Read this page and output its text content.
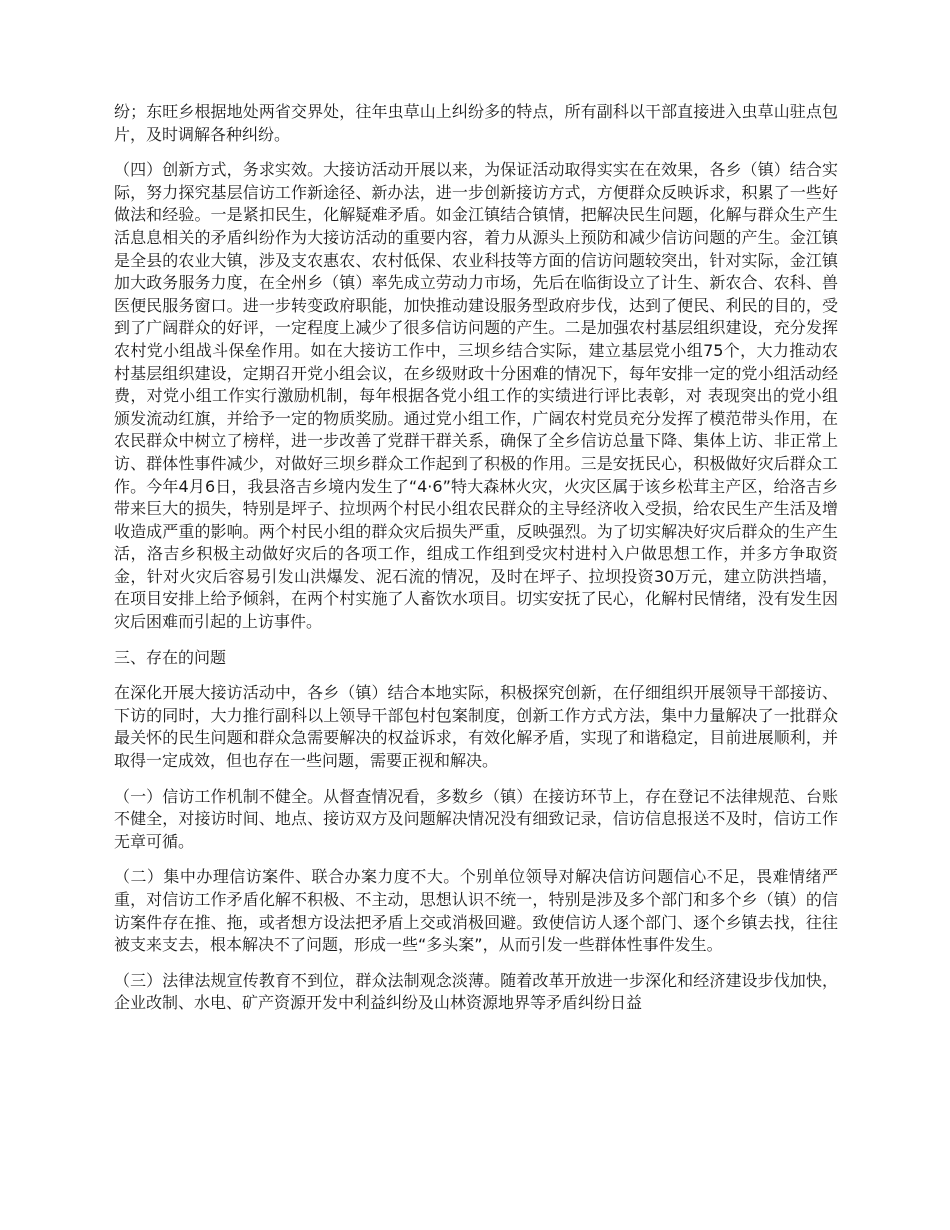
纷；东旺乡根据地处两省交界处，往年虫草山上纠纷多的特点，所有副科以干部直接进入虫草山驻点包片，及时调解各种纠纷。

（四）创新方式，务求实效。大接访活动开展以来，为保证活动取得实实在在效果，各乡（镇）结合实际，努力探究基层信访工作新途径、新办法，进一步创新接访方式，方便群众反映诉求，积累了一些好做法和经验。一是紧扣民生，化解疑难矛盾。如金江镇结合镇情，把解决民生问题，化解与群众生产生活息息相关的矛盾纠纷作为大接访活动的重要内容，着力从源头上预防和减少信访问题的产生。金江镇是全县的农业大镇，涉及支农惠农、农村低保、农业科技等方面的信访问题较突出，针对实际，金江镇加大政务服务力度，在全州乡（镇）率先成立劳动力市场，先后在临街设立了计生、新农合、农科、兽医便民服务窗口。进一步转变政府职能，加快推动建设服务型政府步伐，达到了便民、利民的目的，受到了广阔群众的好评，一定程度上减少了很多信访问题的产生。二是加强农村基层组织建设，充分发挥农村党小组战斗保垒作用。如在大接访工作中，三坝乡结合实际，建立基层党小组75个，大力推动农村基层组织建设，定期召开党小组会议，在乡级财政十分困难的情况下，每年安排一定的党小组活动经费，对党小组工作实行激励机制，每年根据各党小组工作的实绩进行评比表彰，对 表现突出的党小组颁发流动红旗，并给予一定的物质奖励。通过党小组工作，广阔农村党员充分发挥了模范带头作用，在农民群众中树立了榜样，进一步改善了党群干群关系，确保了全乡信访总量下降、集体上访、非正常上访、群体性事件减少，对做好三坝乡群众工作起到了积极的作用。三是安抚民心，积极做好灾后群众工作。今年4月6日，我县洛吉乡境内发生了“4·6”特大森林火灾，火灾区属于该乡松茸主产区，给洛吉乡带来巨大的损失，特别是坪子、拉坝两个村民小组农民群众的主导经济收入受损，给农民生产生活及增收造成严重的影响。两个村民小组的群众灾后损失严重，反映强烈。为了切实解决好灾后群众的生产生活，洛吉乡积极主动做好灾后的各项工作，组成工作组到受灾村进村入户做思想工作，并多方争取资金，针对火灾后容易引发山洪爆发、泥石流的情况，及时在坪子、拉坝投资30万元，建立防洪挡墙，在项目安排上给予倾斜，在两个村实施了人畜饮水项目。切实安抚了民心，化解村民情绪，没有发生因灾后困难而引起的上访事件。

三、存在的问题

在深化开展大接访活动中，各乡（镇）结合本地实际，积极探究创新，在仔细组织开展领导干部接访、下访的同时，大力推行副科以上领导干部包村包案制度，创新工作方式方法，集中力量解决了一批群众最关怀的民生问题和群众急需要解决的权益诉求，有效化解矛盾，实现了和谐稳定，目前进展顺利，并取得一定成效，但也存在一些问题，需要正视和解决。

（一）信访工作机制不健全。从督查情况看，多数乡（镇）在接访环节上，存在登记不法律规范、台账不健全，对接访时间、地点、接访双方及问题解决情况没有细致记录，信访信息报送不及时，信访工作无章可循。

（二）集中办理信访案件、联合办案力度不大。个别单位领导对解决信访问题信心不足，畏难情绪严重，对信访工作矛盾化解不积极、不主动，思想认识不统一，特别是涉及多个部门和多个乡（镇）的信访案件存在推、拖，或者想方设法把矛盾上交或消极回避。致使信访人逐个部门、逐个乡镇去找，往往被支来支去，根本解决不了问题，形成一些“多头案”，从而引发一些群体性事件发生。

（三）法律法规宣传教育不到位，群众法制观念淡薄。随着改革开放进一步深化和经济建设步伐加快，企业改制、水电、矿产资源开发中利益纠纷及山林资源地界等矛盾纠纷日益
